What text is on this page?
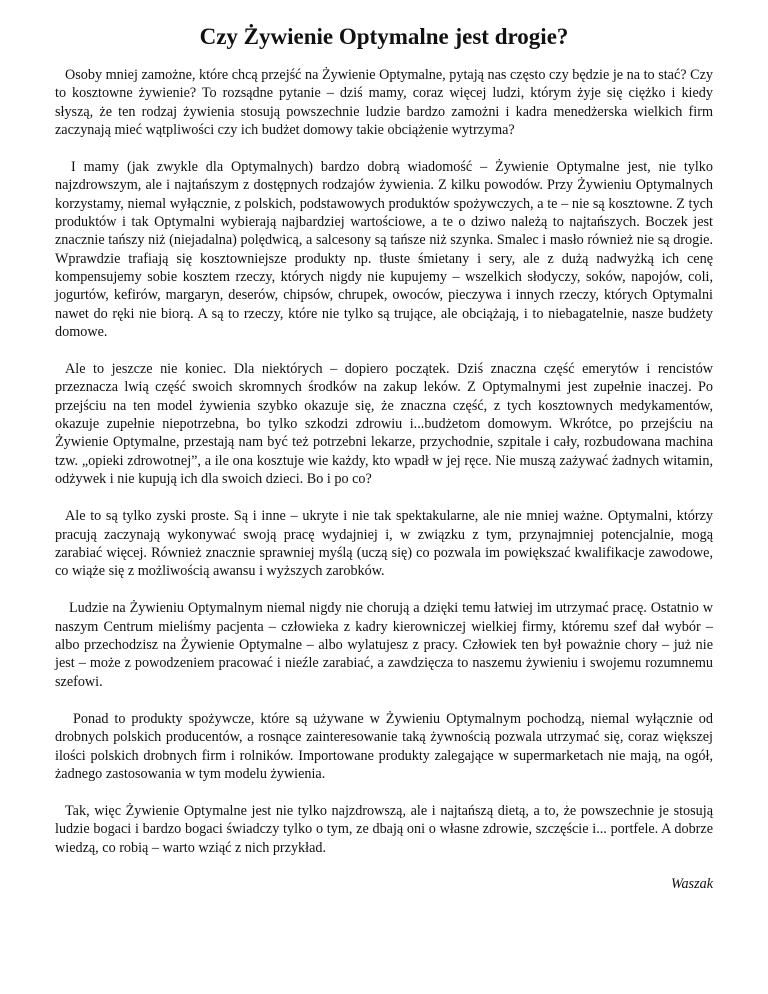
Czy Żywienie Optymalne jest drogie?

Osoby mniej zamożne, które chcą przejść na Żywienie Optymalne, pytają nas często czy będzie je na to stać? Czy to kosztowne żywienie? To rozsądne pytanie – dziś mamy, coraz więcej ludzi, którym żyje się ciężko i kiedy słyszą, że ten rodzaj żywienia stosują powszechnie ludzie bardzo zamożni i kadra menedżerska wielkich firm zaczynają mieć wątpliwości czy ich budżet domowy takie obciążenie wytrzyma?

I mamy (jak zwykle dla Optymalnych) bardzo dobrą wiadomość – Żywienie Optymalne jest, nie tylko najzdrowszym, ale i najtańszym z dostępnych rodzajów żywienia. Z kilku powodów. Przy Żywieniu Optymalnych korzystamy, niemal wyłącznie, z polskich, podstawowych produktów spożywczych, a te – nie są kosztowne. Z tych produktów i tak Optymalni wybierają najbardziej wartościowe, a te o dziwo należą to najtańszych. Boczek jest znacznie tańszy niż (niejadalna) polędwicą, a salcesony są tańsze niż szynka. Smalec i masło również nie są drogie. Wprawdzie trafiają się kosztowniejsze produkty np. tłuste śmietany i sery, ale z dużą nadwyżką ich cenę kompensujemy sobie kosztem rzeczy, których nigdy nie kupujemy – wszelkich słodyczy, soków, napojów, coli, jogurtów, kefirów, margaryn, deserów, chipsów, chrupek, owoców, pieczywa i innych rzeczy, których Optymalni nawet do ręki nie biorą. A są to rzeczy, które nie tylko są trujące, ale obciążają, i to niebagatelnie, nasze budżety domowe.

Ale to jeszcze nie koniec. Dla niektórych – dopiero początek. Dziś znaczna część emerytów i rencistów przeznacza lwią część swoich skromnych środków na zakup leków. Z Optymalnymi jest zupełnie inaczej. Po przejściu na ten model żywienia szybko okazuje się, że znaczna część, z tych kosztownych medykamentów, okazuje zupełnie niepotrzebna, bo tylko szkodzi zdrowiu i...budżetom domowym. Wkrótce, po przejściu na Żywienie Optymalne, przestają nam być też potrzebni lekarze, przychodnie, szpitale i cały, rozbudowana machina tzw. „opieki zdrowotnej”, a ile ona kosztuje wie każdy, kto wpadł w jej ręce. Nie muszą zażywać żadnych witamin, odżywek i nie kupują ich dla swoich dzieci. Bo i po co?

Ale to są tylko zyski proste. Są i inne – ukryte i nie tak spektakularne, ale nie mniej ważne. Optymalni, którzy pracują zaczynają wykonywać swoją pracę wydajniej i, w związku z tym, przynajmniej potencjalnie, mogą zarabiać więcej. Również znacznie sprawniej myślą (uczą się) co pozwala im powiększać kwalifikacje zawodowe, co wiąże się z możliwością awansu i wyższych zarobków.

Ludzie na Żywieniu Optymalnym niemal nigdy nie chorują a dzięki temu łatwiej im utrzymać pracę. Ostatnio w naszym Centrum mieliśmy pacjenta – człowieka z kadry kierowniczej wielkiej firmy, któremu szef dał wybór – albo przechodzisz na Żywienie Optymalne – albo wylatujesz z pracy. Człowiek ten był poważnie chory – już nie jest – może z powodzeniem pracować i nieźle zarabiać, a zawdzięcza to naszemu żywieniu i swojemu rozumnemu szefowi.

Ponad to produkty spożywcze, które są używane w Żywieniu Optymalnym pochodzą, niemal wyłącznie od drobnych polskich producentów, a rosnące zainteresowanie taką żywnością pozwala utrzymać się, coraz większej ilości polskich drobnych firm i rolników. Importowane produkty zalegające w supermarketach nie mają, na ogół, żadnego zastosowania w tym modelu żywienia.

Tak, więc Żywienie Optymalne jest nie tylko najzdrowszą, ale i najtańszą dietą, a to, że powszechnie je stosują ludzie bogaci i bardzo bogaci świadczy tylko o tym, ze dbają oni o własne zdrowie, szczęście i... portfele. A dobrze wiedzą, co robią – warto wziąć z nich przykład.

Waszak
